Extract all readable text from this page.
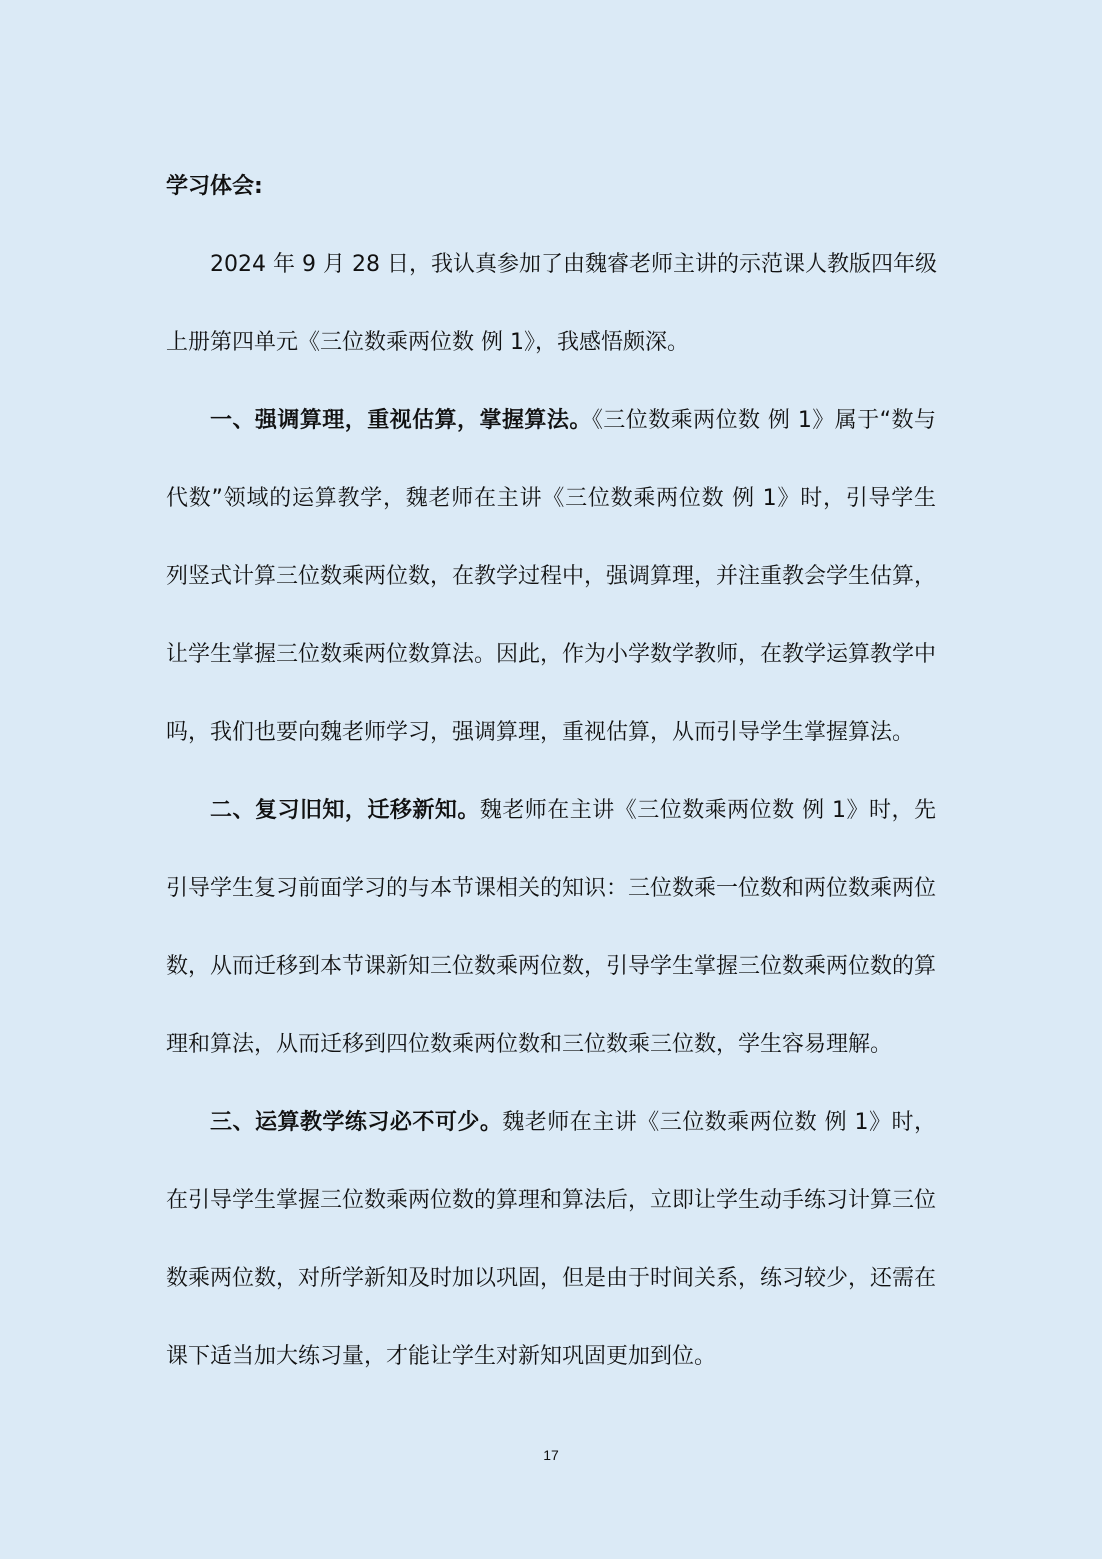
学习体会:
2024 年 9 月 28 日，我认真参加了由魏睿老师主讲的示范课人教版四年级
上册第四单元《三位数乘两位数 例 1》，我感悟颇深。
一、强调算理，重视估算，掌握算法。《三位数乘两位数 例 1》属于“数与
代数”领域的运算教学，魏老师在主讲《三位数乘两位数 例 1》时，引导学生
列竖式计算三位数乘两位数，在教学过程中，强调算理，并注重教会学生估算，
让学生掌握三位数乘两位数算法。因此，作为小学数学教师，在教学运算教学中
吗，我们也要向魏老师学习，强调算理，重视估算，从而引导学生掌握算法。
二、复习旧知，迁移新知。魏老师在主讲《三位数乘两位数 例 1》时，先
引导学生复习前面学习的与本节课相关的知识：三位数乘一位数和两位数乘两位
数，从而迁移到本节课新知三位数乘两位数，引导学生掌握三位数乘两位数的算
理和算法，从而迁移到四位数乘两位数和三位数乘三位数，学生容易理解。
三、运算教学练习必不可少。魏老师在主讲《三位数乘两位数 例 1》时，
在引导学生掌握三位数乘两位数的算理和算法后，立即让学生动手练习计算三位
数乘两位数，对所学新知及时加以巩固，但是由于时间关系，练习较少，还需在
课下适当加大练习量，才能让学生对新知巩固更加到位。
17
